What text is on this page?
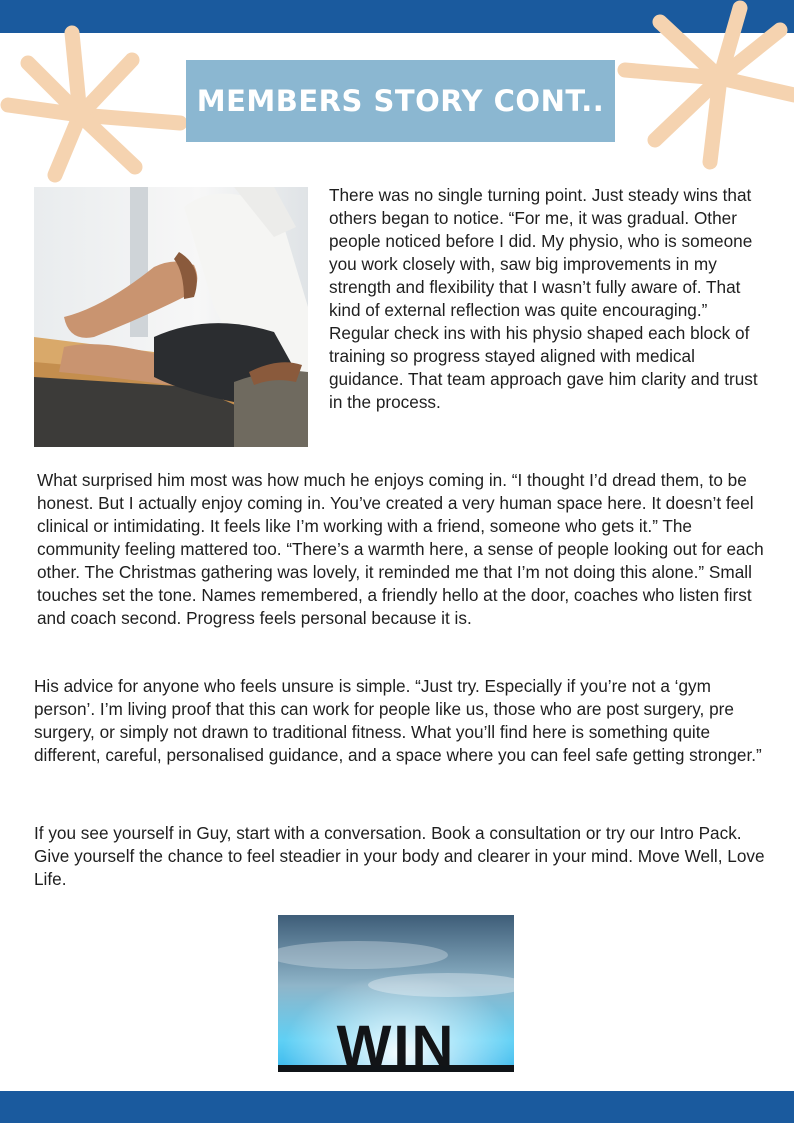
MEMBERS STORY CONT..

There was no single turning point. Just steady wins that others began to notice. “For me, it was gradual. Other people noticed before I did. My physio, who is someone you work closely with, saw big improvements in my strength and flexibility that I wasn’t fully aware of. That kind of external reflection was quite encouraging.” Regular check ins with his physio shaped each block of training so progress stayed aligned with medical guidance. That team approach gave him clarity and trust in the process.

What surprised him most was how much he enjoys coming in. “I thought I’d dread them, to be honest. But I actually enjoy coming in. You’ve created a very human space here. It doesn’t feel clinical or intimidating. It feels like I’m working with a friend, someone who gets it.” The community feeling mattered too. “There’s a warmth here, a sense of people looking out for each other. The Christmas gathering was lovely, it reminded me that I’m not doing this alone.” Small touches set the tone. Names remembered, a friendly hello at the door, coaches who listen first and coach second. Progress feels personal because it is.

His advice for anyone who feels unsure is simple. “Just try. Especially if you’re not a ‘gym person’. I’m living proof that this can work for people like us, those who are post surgery, pre surgery, or simply not drawn to traditional fitness. What you’ll find here is something quite different, careful, personalised guidance, and a space where you can feel safe getting stronger.”

If you see yourself in Guy, start with a conversation. Book a consultation or try our Intro Pack. Give yourself the chance to feel steadier in your body and clearer in your mind. Move Well, Love Life.

WIN
